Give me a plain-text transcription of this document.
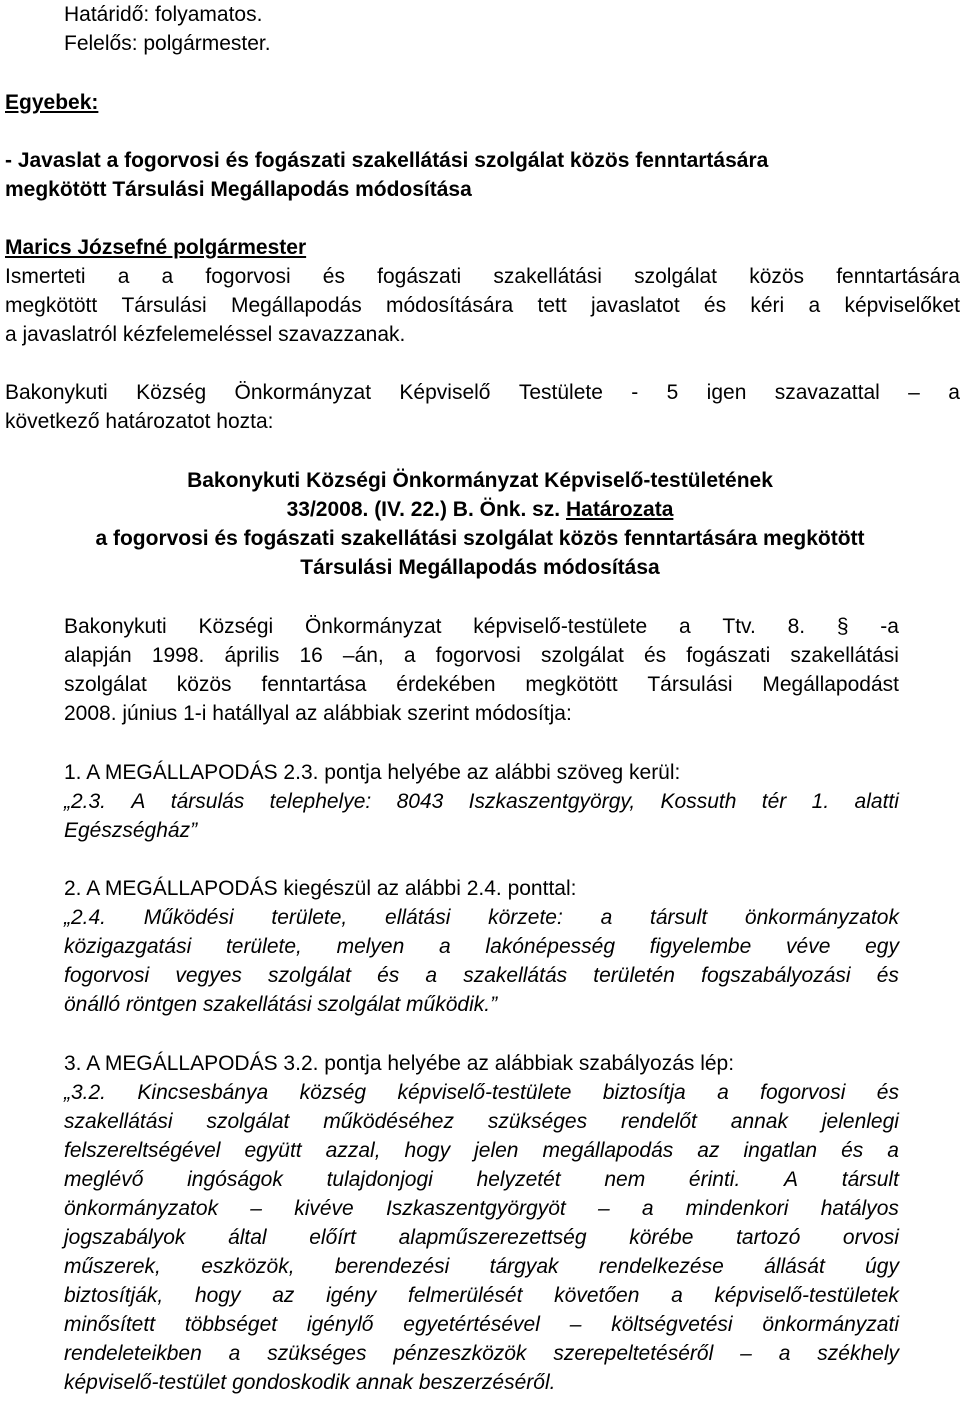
Határidő: folyamatos.
Felelős: polgármester.
Egyebek:
- Javaslat a fogorvosi és fogászati szakellátási szolgálat közös fenntartására
megkötött Társulási Megállapodás módosítása
Marics Józsefné polgármester
Ismerteti a a fogorvosi és fogászati szakellátási szolgálat közös fenntartására
megkötött Társulási Megállapodás módosítására tett javaslatot és kéri a képviselőket
a javaslatról kézfelemeléssel szavazzanak.
Bakonykuti Község Önkormányzat Képviselő Testülete - 5 igen szavazattal – a
következő határozatot hozta:
Bakonykuti Községi Önkormányzat Képviselő-testületének
33/2008. (IV. 22.) B. Önk. sz. Határozata
a fogorvosi és fogászati szakellátási szolgálat közös fenntartására megkötött
Társulási Megállapodás módosítása
Bakonykuti Községi Önkormányzat képviselő-testülete a Ttv. 8. § -a
alapján 1998. április 16 –án, a fogorvosi szolgálat és fogászati szakellátási
szolgálat közös fenntartása érdekében megkötött Társulási Megállapodást
2008. június 1-i hatállyal az alábbiak szerint módosítja:
1. A MEGÁLLAPODÁS 2.3. pontja helyébe az alábbi szöveg kerül:
„2.3. A társulás telephelye: 8043 Iszkaszentgyörgy, Kossuth tér 1. alatti
Egészségház”
2. A MEGÁLLAPODÁS kiegészül az alábbi 2.4. ponttal:
„2.4. Működési területe, ellátási körzete: a társult önkormányzatok
közigazgatási területe, melyen a lakónépesség figyelembe véve egy
fogorvosi vegyes szolgálat és a szakellátás területén fogszabályozási és
önálló röntgen szakellátási szolgálat működik.”
3. A MEGÁLLAPODÁS 3.2. pontja helyébe az alábbiak szabályozás lép:
„3.2. Kincsesbánya község képviselő-testülete biztosítja a fogorvosi és
szakellátási szolgálat működéséhez szükséges rendelőt annak jelenlegi
felszereltségével együtt azzal, hogy jelen megállapodás az ingatlan és a
meglévő ingóságok tulajdonjogi helyzetét nem érinti. A társult
önkormányzatok – kivéve Iszkaszentgyörgyöt – a mindenkori hatályos
jogszabályok által előírt alapműszerezettség körébe tartozó orvosi
műszerek, eszközök, berendezési tárgyak rendelkezése állását úgy
biztosítják, hogy az igény felmerülését követően a képviselő-testületek
minősített többséget igénylő egyetértésével – költségvetési önkormányzati
rendeleteikben a szükséges pénzeszközök szerepeltetéséről – a székhely
képviselő-testület gondoskodik annak beszerzéséről.
